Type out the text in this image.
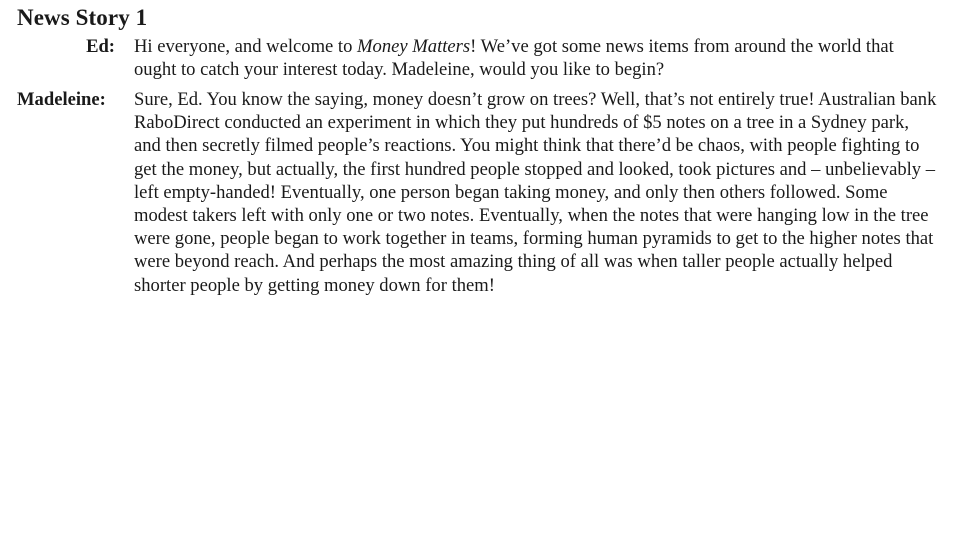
News Story 1
Ed: Hi everyone, and welcome to Money Matters! We’ve got some news items from around the world that ought to catch your interest today. Madeleine, would you like to begin?

Madeleine: Sure, Ed. You know the saying, money doesn’t grow on trees? Well, that’s not entirely true! Australian bank RaboDirect conducted an experiment in which they put hundreds of $5 notes on a tree in a Sydney park, and then secretly filmed people’s reactions. You might think that there’d be chaos, with people fighting to get the money, but actually, the first hundred people stopped and looked, took pictures and – unbelievably – left empty-handed! Eventually, one person began taking money, and only then others followed. Some modest takers left with only one or two notes. Eventually, when the notes that were hanging low in the tree were gone, people began to work together in teams, forming human pyramids to get to the higher notes that were beyond reach. And perhaps the most amazing thing of all was when taller people actually helped shorter people by getting money down for them!
